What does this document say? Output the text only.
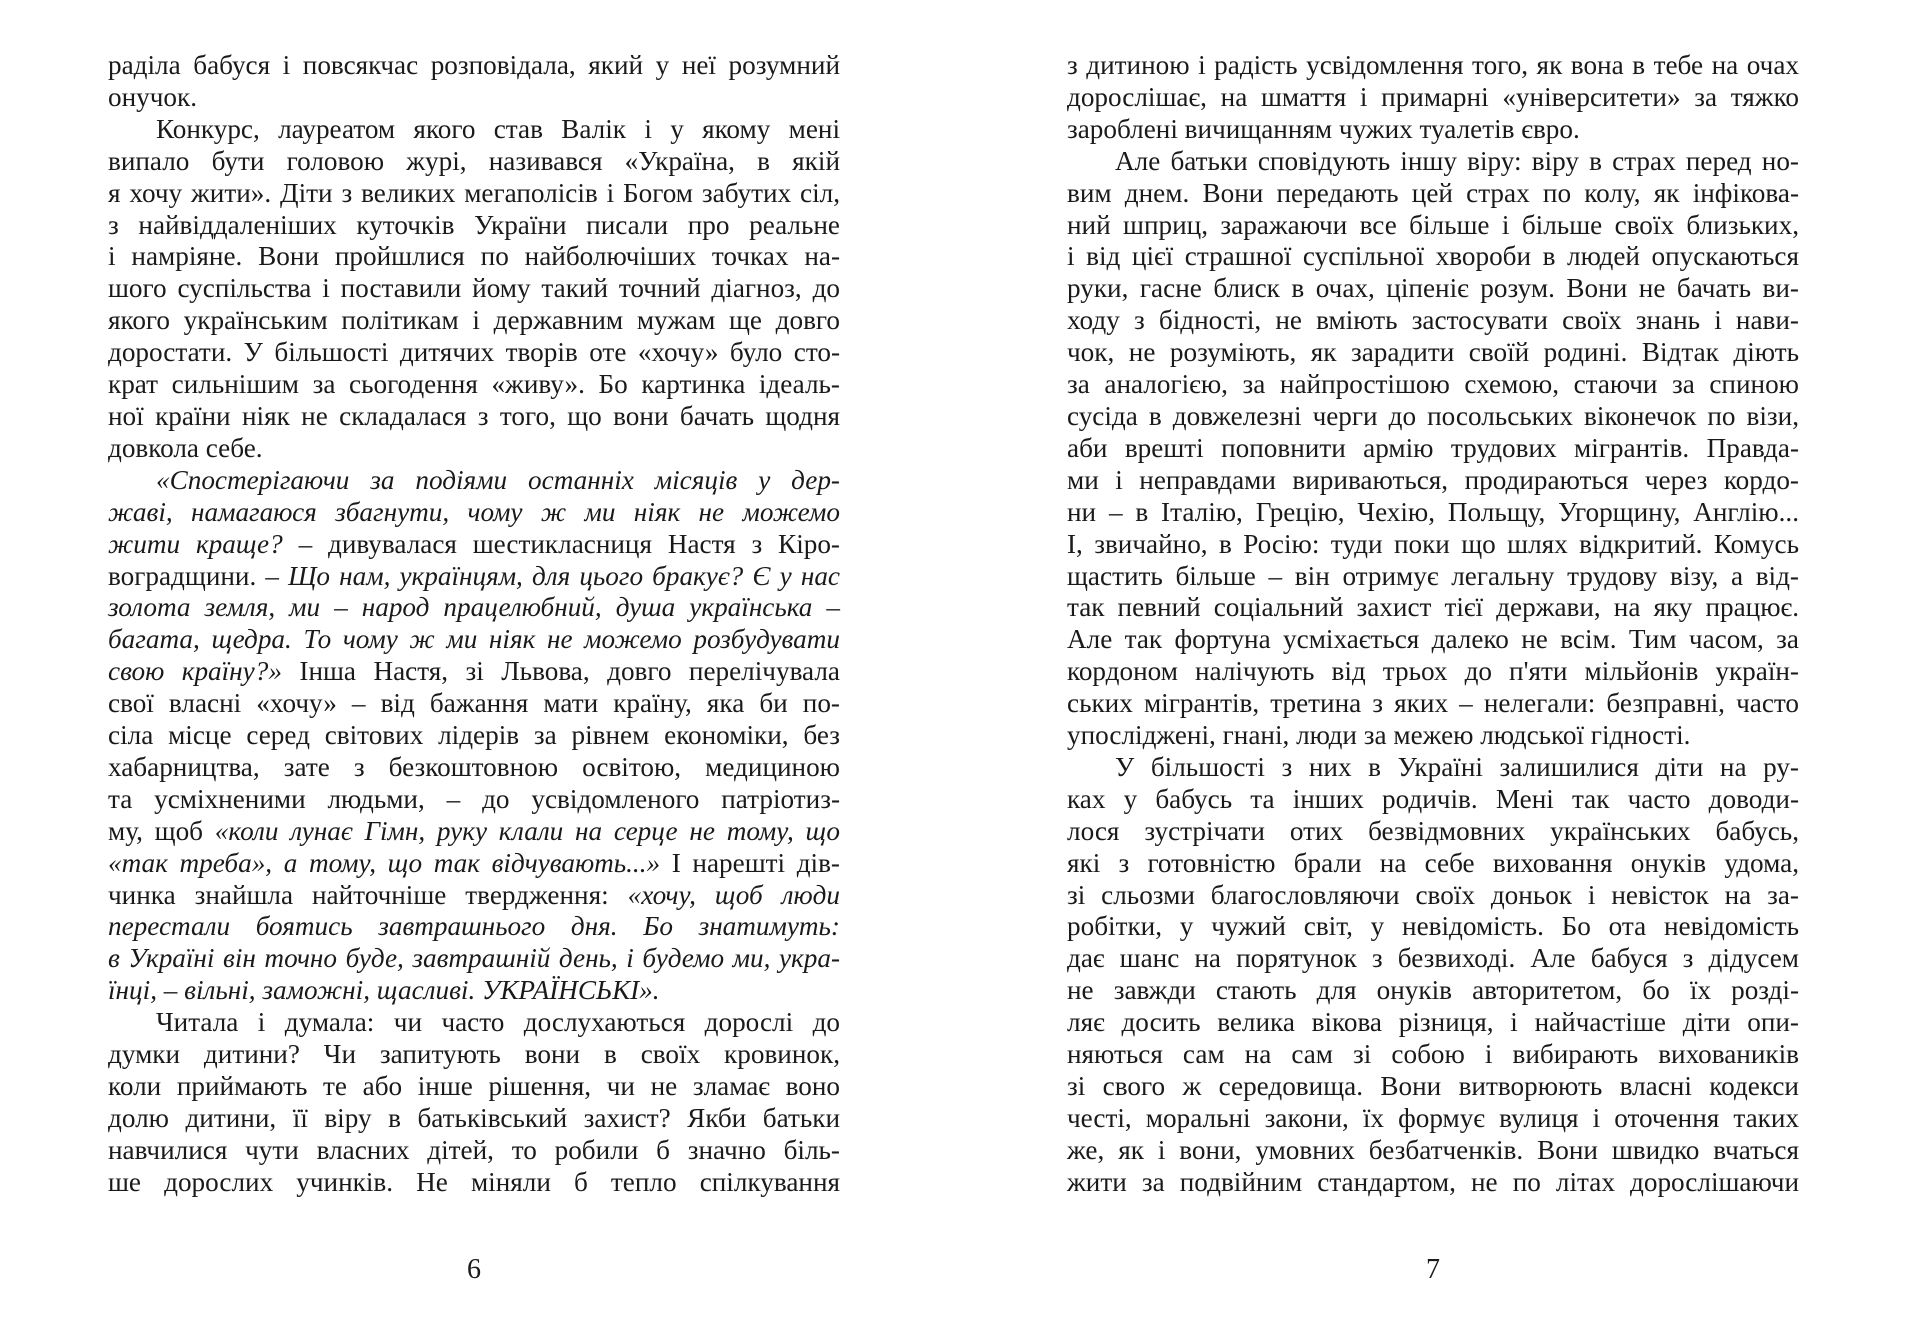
раділа бабуся і повсякчас розповідала, який у неї розумний
онучок.
Конкурс, лауреатом якого став Валік і у якому мені
випало бути головою журі, називався «Україна, в якій
я хочу жити». Діти з великих мегаполісів і Богом забутих сіл,
з найвіддаленіших куточків України писали про реальне
і намріяне. Вони пройшлися по найболючіших точках на-
шого суспільства і поставили йому такий точний діагноз, до
якого українським політикам і державним мужам ще довго
доростати. У більшості дитячих творів оте «хочу» було сто-
крат сильнішим за сьогодення «живу». Бо картинка ідеаль-
ної країни ніяк не складалася з того, що вони бачать щодня
довкола себе.
«Спостерігаючи за подіями останніх місяців у дер-
жаві, намагаюся збагнути, чому ж ми ніяк не можемо
жити краще? – дивувалася шестикласниця Настя з Кіро-
воградщини. – Що нам, українцям, для цього бракує? Є у нас
золота земля, ми – народ працелюбний, душа українська –
багата, щедра. То чому ж ми ніяк не можемо розбудувати
свою країну?» Інша Настя, зі Львова, довго перелічувала
свої власні «хочу» – від бажання мати країну, яка би по-
сіла місце серед світових лідерів за рівнем економіки, без
хабарництва, зате з безкоштовною освітою, медициною
та усміхненими людьми, – до усвідомленого патріотиз-
му, щоб «коли лунає Гімн, руку клали на серце не тому, що
«так треба», а тому, що так відчувають...» І нарешті дів-
чинка знайшла найточніше твердження: «хочу, щоб люди
перестали боятись завтрашнього дня. Бо знатимуть:
в Україні він точно буде, завтрашній день, і будемо ми, укра-
їнці, – вільні, заможні, щасливі. УКРАЇНСЬКІ».
Читала і думала: чи часто дослухаються дорослі до
думки дитини? Чи запитують вони в своїх кровинок,
коли приймають те або інше рішення, чи не зламає воно
долю дитини, її віру в батьківський захист? Якби батьки
навчилися чути власних дітей, то робили б значно біль-
ше дорослих учинків. Не міняли б тепло спілкування
6
з дитиною і радість усвідомлення того, як вона в тебе на очах
дорослішає, на шмаття і примарні «університети» за тяжко
зароблені вичищанням чужих туалетів євро.
Але батьки сповідують іншу віру: віру в страх перед но-
вим днем. Вони передають цей страх по колу, як інфікова-
ний шприц, заражаючи все більше і більше своїх близьких,
і від цієї страшної суспільної хвороби в людей опускаються
руки, гасне блиск в очах, ціпеніє розум. Вони не бачать ви-
ходу з бідності, не вміють застосувати своїх знань і нави-
чок, не розуміють, як зарадити своїй родині. Відтак діють
за аналогією, за найпростішою схемою, стаючи за спиною
сусіда в довжелезні черги до посольських віконечок по візи,
аби врешті поповнити армію трудових мігрантів. Правда-
ми і неправдами вириваються, продираються через кордо-
ни – в Італію, Грецію, Чехію, Польщу, Угорщину, Англію...
І, звичайно, в Росію: туди поки що шлях відкритий. Комусь
щастить більше – він отримує легальну трудову візу, а від-
так певний соціальний захист тієї держави, на яку працює.
Але так фортуна усміхається далеко не всім. Тим часом, за
кордоном налічують від трьох до п'яти мільйонів україн-
ських мігрантів, третина з яких – нелегали: безправні, часто
упосліджені, гнані, люди за межею людської гідності.
У більшості з них в Україні залишилися діти на ру-
ках у бабусь та інших родичів. Мені так часто доводи-
лося зустрічати отих безвідмовних українських бабусь,
які з готовністю брали на себе виховання онуків удома,
зі сльозми благословляючи своїх доньок і невісток на за-
робітки, у чужий світ, у невідомість. Бо ота невідомість
дає шанс на порятунок з безвиході. Але бабуся з дідусем
не завжди стають для онуків авторитетом, бо їх розді-
ляє досить велика вікова різниця, і найчастіше діти опи-
няються сам на сам зі собою і вибирають виховаників
зі свого ж середовища. Вони витворюють власні кодекси
честі, моральні закони, їх формує вулиця і оточення таких
же, як і вони, умовних безбатченків. Вони швидко вчаться
жити за подвійним стандартом, не по літах дорослішаючи
7
